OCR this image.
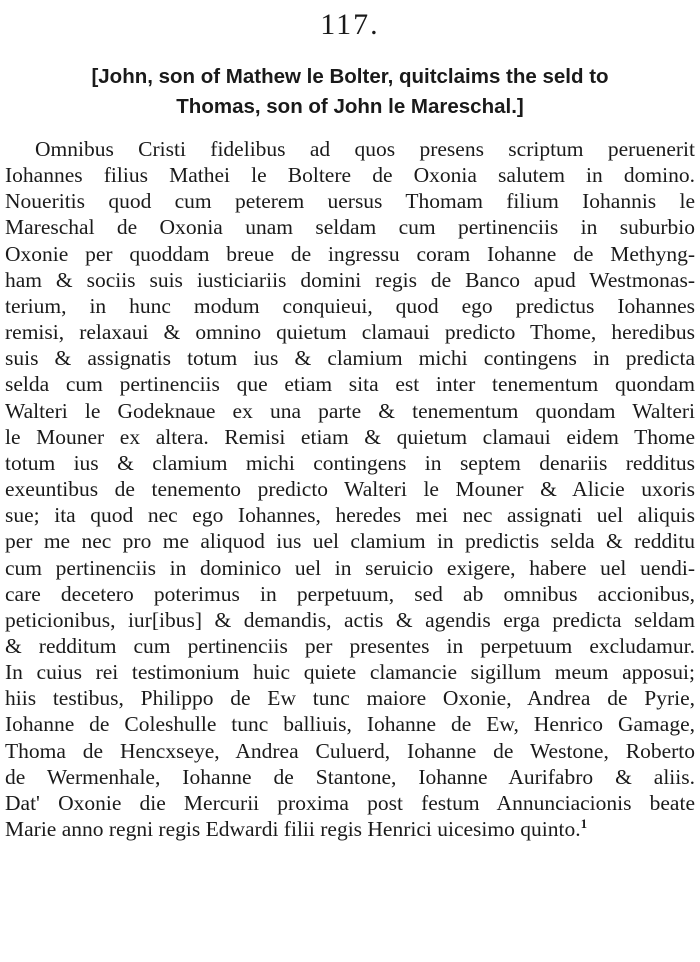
117.
[John, son of Mathew le Bolter, quitclaims the seld to
Thomas, son of John le Mareschal.]
Omnibus Cristi fidelibus ad quos presens scriptum peruenerit
Iohannes filius Mathei le Boltere de Oxonia salutem in domino.
Noueritis quod cum peterem uersus Thomam filium Iohannis le
Mareschal de Oxonia unam seldam cum pertinenciis in suburbio
Oxonie per quoddam breue de ingressu coram Iohanne de Methyng-
ham & sociis suis iusticiariis domini regis de Banco apud Westmonas-
terium, in hunc modum conquieui, quod ego predictus Iohannes
remisi, relaxaui & omnino quietum clamaui predicto Thome, heredibus
suis & assignatis totum ius & clamium michi contingens in predicta
selda cum pertinenciis que etiam sita est inter tenementum quondam
Walteri le Godeknaue ex una parte & tenementum quondam Walteri
le Mouner ex altera. Remisi etiam & quietum clamaui eidem Thome
totum ius & clamium michi contingens in septem denariis redditus
exeuntibus de tenemento predicto Walteri le Mouner & Alicie uxoris
sue; ita quod nec ego Iohannes, heredes mei nec assignati uel aliquis
per me nec pro me aliquod ius uel clamium in predictis selda & redditu
cum pertinenciis in dominico uel in seruicio exigere, habere uel uendi-
care decetero poterimus in perpetuum, sed ab omnibus accionibus,
peticionibus, iur[ibus] & demandis, actis & agendis erga predicta seldam
& redditum cum pertinenciis per presentes in perpetuum excludamur.
In cuius rei testimonium huic quiete clamancie sigillum meum apposui;
hiis testibus, Philippo de Ew tunc maiore Oxonie, Andrea de Pyrie,
Iohanne de Coleshulle tunc balliuis, Iohanne de Ew, Henrico Gamage,
Thoma de Hencxseye, Andrea Culuerd, Iohanne de Westone, Roberto
de Wermenhale, Iohanne de Stantone, Iohanne Aurifabro & aliis.
Dat' Oxonie die Mercurii proxima post festum Annunciacionis beate
Marie anno regni regis Edwardi filii regis Henrici uicesimo quinto.$^1$
